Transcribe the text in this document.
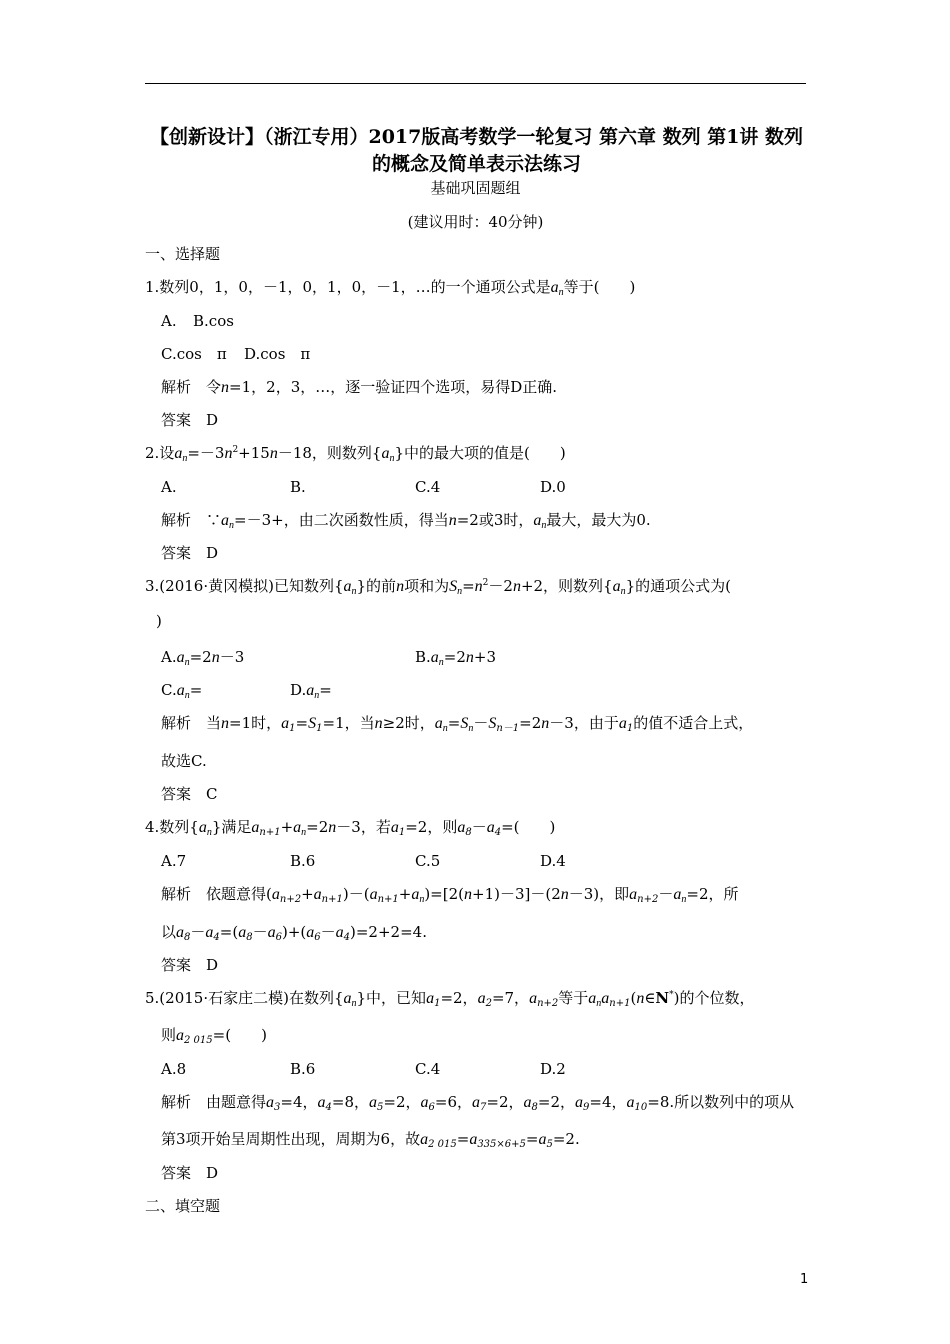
【创新设计】（浙江专用）2017版高考数学一轮复习 第六章 数列 第1讲 数列的概念及简单表示法练习
基础巩固题组
(建议用时：40分钟)
一、选择题
1.数列0，1，0，－1，0，1，0，－1，…的一个通项公式是$a_n$等于(　　)
A. B.cos
C.cos　π D.cos　π
解析　 令n=1，2，3，…，逐一验证四个选项，易得D正确.
答案　 D
2.设$a_n=-3n^2+15n-18$，则数列$\{a_n\}$中的最大项的值是(　　)
A.	B.	C.4	D.0
解析　 $\because a_n=-3+$，由二次函数性质，得当n=2或3时，$a_n$最大，最大为0.
答案　 D
3.(2016·黄冈模拟)已知数列$\{a_n\}$的前n项和为$S_n=n^2-2n+2$，则数列$\{a_n\}$的通项公式为(
)
$A.a_n=2n-3$	$B.a_n=2n+3$
$C.a_n=$	$D.a_n=$
解析　 当n=1时，$a_1=S_1=1$，当n≥2时，$a_n=S_n-S_{n-1}=2n-3$，由于$a_1$的值不适合上式，
故选C.
答案　 C
4.数列$\{a_n\}$满足$a_{n+1}+a_n=2n-3$，若$a_1=2$，则$a_8-a_4=$(　　)
A.7	B.6	C.5	D.4
解析　 依题意得$(a_{n+2}+a_{n+1})-(a_{n+1}+a_n)=[2(n+1)-3]-(2n-3)$，即$a_{n+2}-a_n=2$，所
以$a_8-a_4=(a_8-a_6)+(a_6-a_4)=2+2=4$.
答案　 D
5.(2015·石家庄二模)在数列$\{a_n\}$中，已知$a_1=2$，$a_2=7$，$a_{n+2}$等于$a_na_{n+1}(n\in N^*)$的个位数，
则$a_{2 015}=$(　　)
A.8	B.6	C.4	D.2
解析　 由题意得$a_3=4$，$a_4=8$，$a_5=2$，$a_6=6$，$a_7=2$，$a_8=2$，$a_9=4$，$a_{10}=8$.所以数列中的项从
第3项开始呈周期性出现，周期为6，故$a_{2 015}=a_{335\times 6+5}=a_5=2$.
答案　 D
二、填空题
1
